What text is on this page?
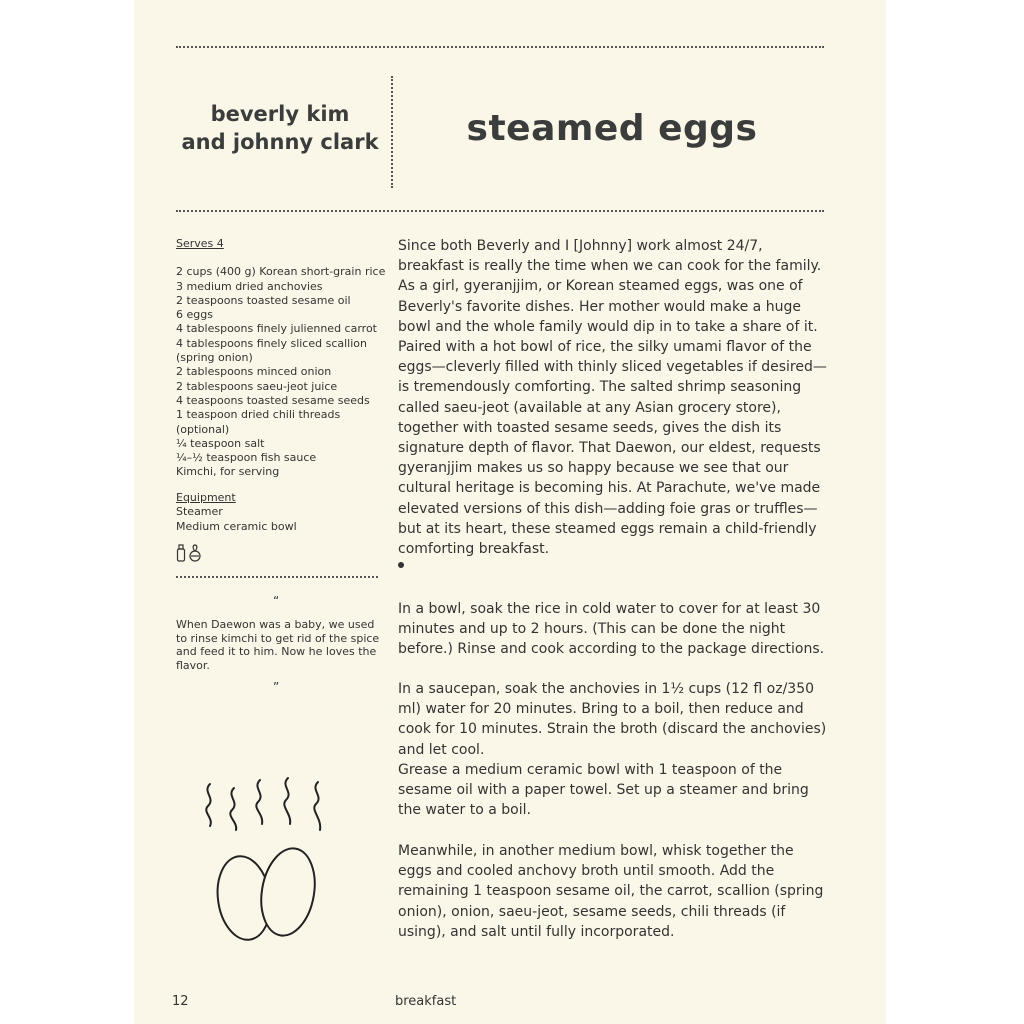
beverly kim
and johnny clark	steamed eggs
Serves 4
2 cups (400 g) Korean short-grain rice
3 medium dried anchovies
2 teaspoons toasted sesame oil
6 eggs
4 tablespoons finely julienned carrot
4 tablespoons finely sliced scallion
(spring onion)
2 tablespoons minced onion
2 tablespoons saeu-jeot juice
4 teaspoons toasted sesame seeds
1 teaspoon dried chili threads
(optional)
¼ teaspoon salt
¼–½ teaspoon fish sauce
Kimchi, for serving
Equipment
Steamer
Medium ceramic bowl
“
When Daewon was a baby, we used to rinse kimchi to get rid of the spice and feed it to him. Now he loves the flavor.
”

Since both Beverly and I [Johnny] work almost 24/7, breakfast is really the time when we can cook for the family. As a girl, gyeranjjim, or Korean steamed eggs, was one of Beverly's favorite dishes. Her mother would make a huge bowl and the whole family would dip in to take a share of it. Paired with a hot bowl of rice, the silky umami flavor of the eggs—cleverly filled with thinly sliced vegetables if desired—is tremendously comforting. The salted shrimp seasoning called saeu-jeot (available at any Asian grocery store), together with toasted sesame seeds, gives the dish its signature depth of flavor. That Daewon, our eldest, requests gyeranjjim makes us so happy because we see that our cultural heritage is becoming his. At Parachute, we've made elevated versions of this dish—adding foie gras or truffles—but at its heart, these steamed eggs remain a child-friendly comforting breakfast.

In a bowl, soak the rice in cold water to cover for at least 30 minutes and up to 2 hours. (This can be done the night before.) Rinse and cook according to the package directions.

In a saucepan, soak the anchovies in 1½ cups (12 fl oz/350 ml) water for 20 minutes. Bring to a boil, then reduce and cook for 10 minutes. Strain the broth (discard the anchovies) and let cool.

Grease a medium ceramic bowl with 1 teaspoon of the sesame oil with a paper towel. Set up a steamer and bring the water to a boil.

Meanwhile, in another medium bowl, whisk together the eggs and cooled anchovy broth until smooth. Add the remaining 1 teaspoon sesame oil, the carrot, scallion (spring onion), onion, saeu-jeot, sesame seeds, chili threads (if using), and salt until fully incorporated.

12	breakfast
